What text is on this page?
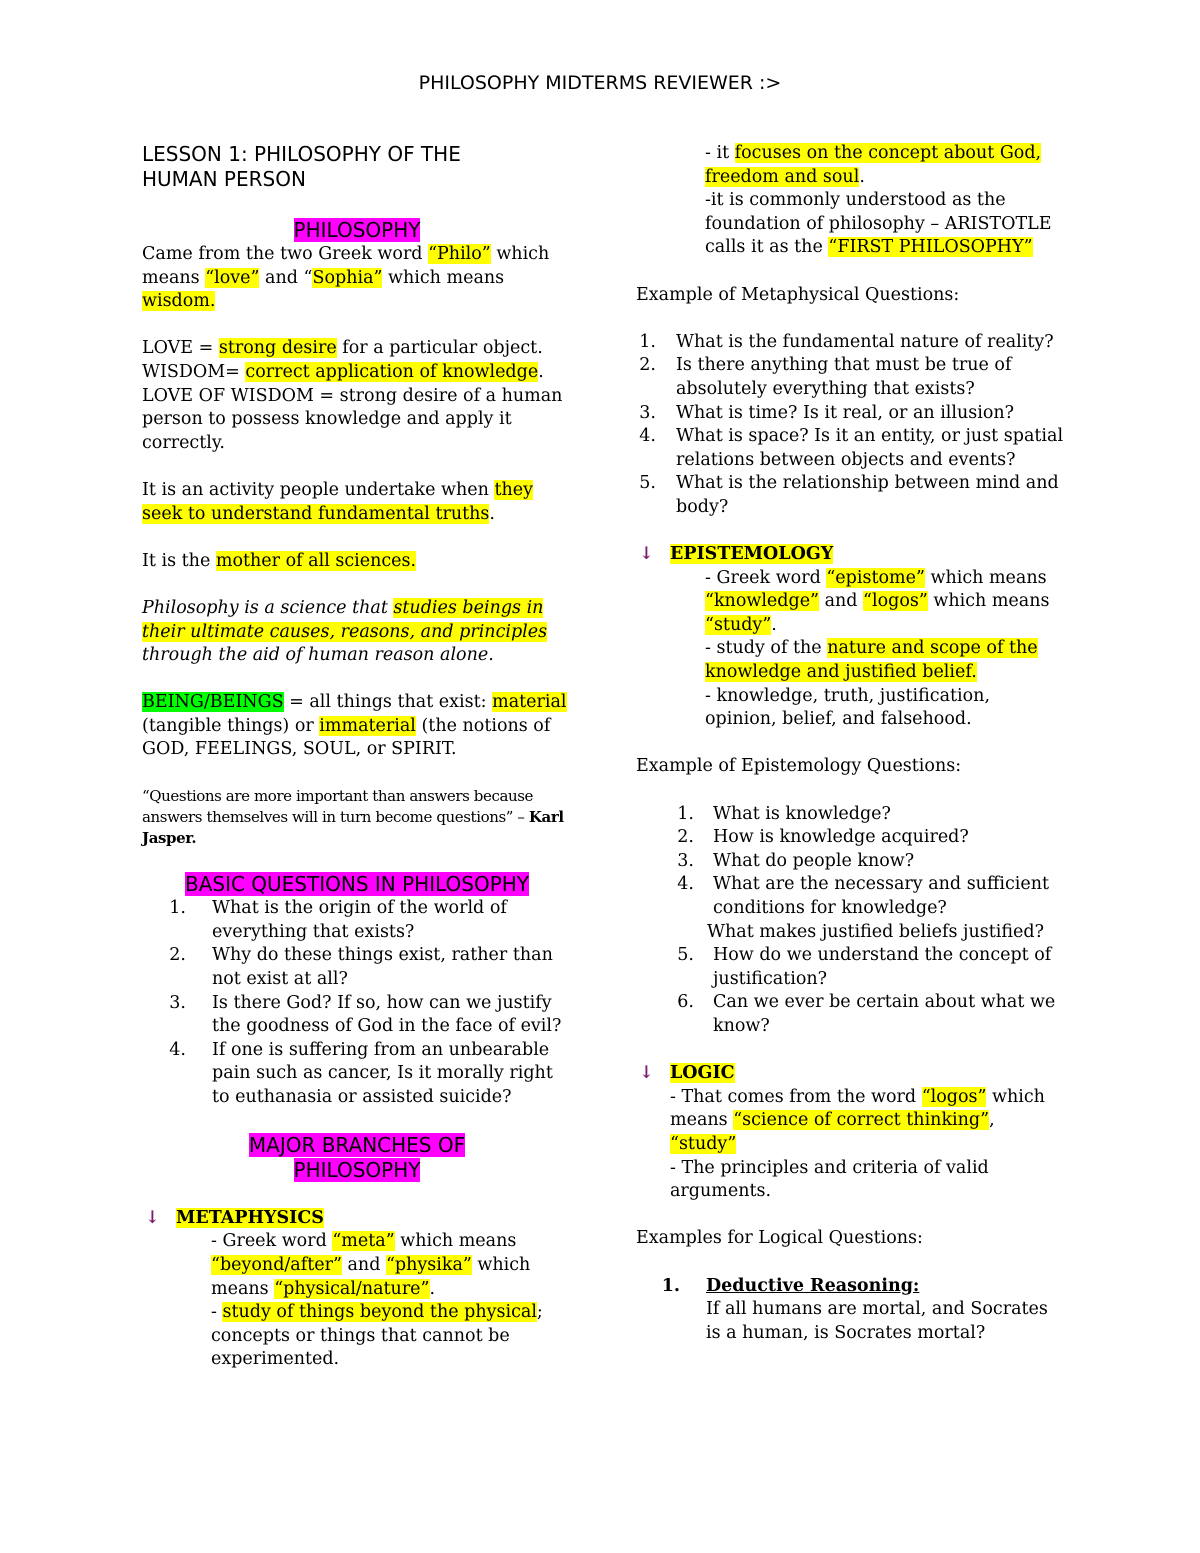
PHILOSOPHY MIDTERMS REVIEWER :>
LESSON 1: PHILOSOPHY OF THE
HUMAN PERSON
PHILOSOPHY

Came from the two Greek word “Philo” which means “love” and “Sophia” which means wisdom.

LOVE = strong desire for a particular object.

WISDOM= correct application of knowledge.

LOVE OF WISDOM = strong desire of a human person to possess knowledge and apply it correctly.

It is an activity people undertake when they seek to understand fundamental truths.

It is the mother of all sciences.

Philosophy is a science that studies beings in their ultimate causes, reasons, and principles through the aid of human reason alone.

BEING/BEINGS = all things that exist: material (tangible things) or immaterial (the notions of GOD, FEELINGS, SOUL, or SPIRIT.

“Questions are more important than answers because answers themselves will in turn become questions” – Karl Jasper.

BASIC QUESTIONS IN PHILOSOPHY
1. What is the origin of the world of everything that exists?
2. Why do these things exist, rather than not exist at all?
3. Is there God? If so, how can we justify the goodness of God in the face of evil?
4. If one is suffering from an unbearable pain such as cancer, Is it morally right to euthanasia or assisted suicide?
MAJOR BRANCHES OF
PHILOSOPHY
↓ METAPHYSICS

- Greek word “meta” which means “beyond/after” and “physika” which means “physical/nature”.

- study of things beyond the physical; concepts or things that cannot be experimented.

- it focuses on the concept about God, freedom and soul.

-it is commonly understood as the foundation of philosophy – ARISTOTLE calls it as the “FIRST PHILOSOPHY”

Example of Metaphysical Questions:

1. What is the fundamental nature of reality?
2. Is there anything that must be true of absolutely everything that exists?
3. What is time? Is it real, or an illusion?
4. What is space? Is it an entity, or just spatial relations between objects and events?
5. What is the relationship between mind and body?
↓ EPISTEMOLOGY

- Greek word “epistome” which means “knowledge” and “logos” which means “study”.

- study of the nature and scope of the knowledge and justified belief.

- knowledge, truth, justification, opinion, belief, and falsehood.

Example of Epistemology Questions:

1. What is knowledge?
2. How is knowledge acquired?
3. What do people know?
4. What are the necessary and sufficient conditions for knowledge?
What makes justified beliefs justified?
5. How do we understand the concept of justification?
6. Can we ever be certain about what we know?
↓ LOGIC

- That comes from the word “logos” which means “science of correct thinking”, “study”

- The principles and criteria of valid arguments.

Examples for Logical Questions:

1. Deductive Reasoning:
If all humans are mortal, and Socrates is a human, is Socrates mortal?
